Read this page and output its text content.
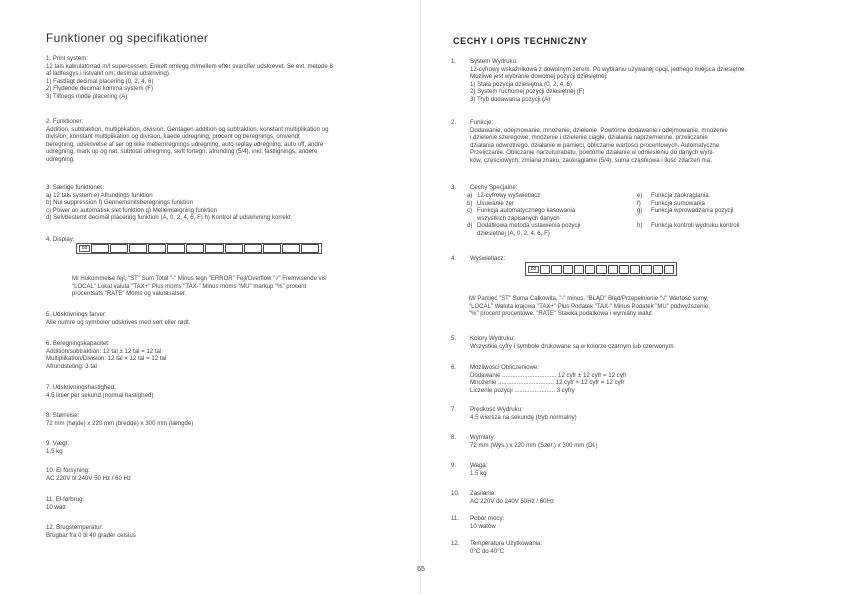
Funktioner og specifikationer
1. Print system:
12 tals kalkulatorrad m/l supercessen. Enkelt omlegg m/mellem efter svarcifer udskrevet. Se evt. metode 8
af ladfesgys i listvalkt om; desimal udskriving).
1) Fastlagt decimal placering (0, 2, 4, 6)
2) Flydende decimal komma system (F)
3) Tilfoegs mode placering (A)
2. Funktioner:
Addition, subtraktion, multiplikation, division. Gentagen addition og subtraktion, konstant multiplikation og
division, konstant multiplikation og division, kaede udregning, procent og beregnings, omvendt
beregning, udskrivelse af ser og ikke mellemregnings udregning, auto replay udregning, auto off, andre
udregning, mark up og nat, subtotal udregning, skift fortegn, afrunding (5/4), inkl. fastlignings, andere
udregning.
3. Særlige funktioner:
a) 12 tals system e) Afrundings funktion
b) Nul suppression f) Gennemsnitsberegnings funktion
c) Power on automatisk slet funktion g) Mellemlægning funktion
d) Selvbestemt decimal placering funktion (A, 0, 2, 4, 6, F) h) Kontrol af udskrivning korrekt
5. Udskrivnings farver:
Alle numre og symboler udskrives med sort eller rødt.
6. Beregningskapacitet:
Addition/subtraktion: 12 tal ± 12 tal = 12 tal
Multiplikation/Division: 12 tal × 12 tal = 12 tal
Afrundsteting: 3 tal
7. Udskrivningshastighed:
4.5 linier per sekund (normal hastighed)
8. Størrelse:
72 mm (højde) x 220 mm (bredde) x 300 mm (længde)
9. Vægt:
1.5 kg
10. El forsyning:
AC 220V til 240V 50 Hz / 60 Hz
11. El-forbrug:
10 watt
12. Brugstemperatur:
Brugbar fra 0 til 40 grader celsius
4. Display:
88
M/ Hukommelse fejl, "ST" Sum Total "-" Minus tegn "ERROR" Fejl/Overflow "√" Fremvisende vis
"LOCAL" Lokal valuta "TAX+" Plus moms "TAX-" Minus moms "MU" markup "%" procent
procentsats "RATE" Moms og valutasatser.
CECHY I OPIS TECHNICZNY
1.	System Wydruku:
12-cyfrowy wskaźnikowa z dowolnym zerem. Po wybraniu używanej opcji, jednego miejsca dziesiętne.
Mozliwe jest wybranie dowolnej pozycji dziesiętnej:
1) Stała pozycja dziesiętna (0, 2, 4, 6)
2) System ruchomej pozycji dziesiętnej (F)
3) Tryb dodawania pozycji (A)
2.	Funkcje:
Dodawanie, odejmowanie, mnożenie, dzielenie. Powtórne dodawanie i odejmowanie, mnożenie
i dzielenie szeregowe, mnożenie i dzielenie ciągłe, działania naprzemienne, przeliczanie
działania odwrotnego, działanie w pamięci, obliczanie wartości procentowych. Automatyczne
Przeliczanie. Obliczanie narzutu/rabatu, powtórne działanie w odniesieniu do danych wyni-
ków, częściowych, zmiana znaku, zaokrąglanie (5/4), suma cząstkowa i ilość zdarzeń ma.
5.	Kolory Wydruku:
Wszystkie cyfry i symbole drukowane są w kolorze czarnym lub czerwonym.
6.	Możliwości Obliczeniowe:
Dodawanie ................................ 12 cyfr ± 12 cyfr = 12 cyfr
Mnożenie ................................. 12 cyfr × 12 cyfr = 12 cyfr
Liczenie pozycji ........................ 3 cyfry
7.	Prędkość Wydruku:
4.5 wiersza na sekundę (tryb normalny)
8.	Wymiary:
72 mm (Wys.) x 220 mm (Szer.) x 300 mm (Dł.)
9.	Waga:
1.5 kg
10.	Zasilanie:
AC 220V do 240V 50Hz / 60Hz
11.	Pobór mocy:
10 watów
12.	Temperatura Użytkowania:
0°C do 40°C
3.	Cechy Specjalne:
a) 12-cyfrowy wyświetlacz	e) Funkcja zaokrąglania
b) Usuwanie zer	f) Funkcja sumowania
c) Funkcja automatycznego kasowania	g) Funkcja wprowadzania pozycji
wszystkich zapisanych danych
d) Dodatkowa metoda ustawienia pozycji	h) Funkcja kontroli wydruku kontroli
dziesiętnej (A, 0, 2, 4, 6, F)
4.	Wyświetlacz:
88
M/ Pamięć "ST" Suma Całkowita, "-" minus, "BŁĄD" Błąd/Przepełnienie "√" Wartość sumy,
"LOCAL" Waluta krajowa "TAX+" Plus Podatek "TAX-" Minus Podatek "MU" podwyższenie,
"%" procent procentowe, "RATE" Stawka podatkowa i wymiany walut
65
